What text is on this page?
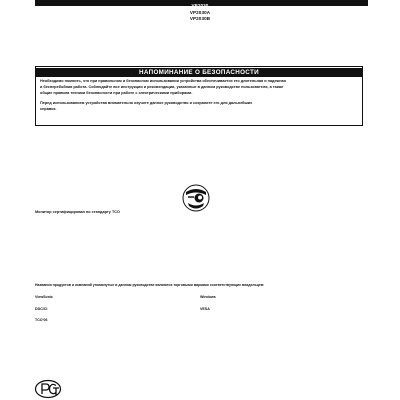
VP2030
VP2030A
VP2030B
НАПОМИНАНИЕ О БЕЗОПАСНОСТИ
Необходимо помнить, что при правильном и безопасном использовании устройства обеспечивается его длительная и надежная
и бесперебойная работа. Соблюдайте все инструкции и рекомендации, указанные в данном руководстве пользователя, а также
общие правила техники безопасности при работе с электрическими приборами.
Перед использованием устройства внимательно изучите данное руководство и сохраните его для дальнейших
справок.
Монитор сертифицирован по стандарту TCO
Названия продуктов и компаний упомянутые в данном руководстве являются торговыми марками соответствующих владельцев:
ViewSonic
DDC/CI
TCO'06
Windows
VESA
